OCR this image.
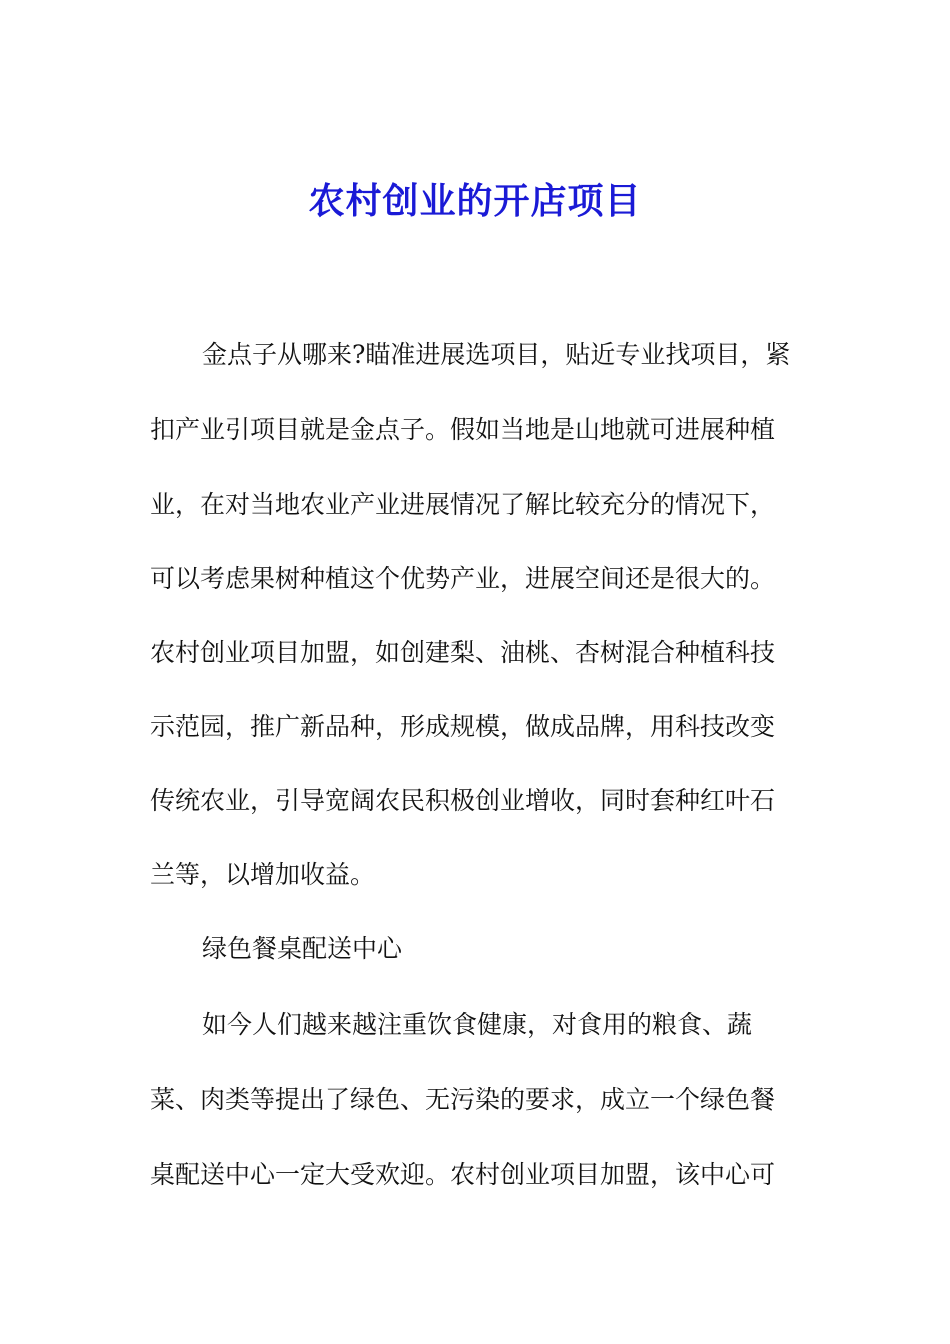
农村创业的开店项目
金点子从哪来?瞄准进展选项目，贴近专业找项目，紧
扣产业引项目就是金点子。假如当地是山地就可进展种植
业，在对当地农业产业进展情况了解比较充分的情况下，
可以考虑果树种植这个优势产业，进展空间还是很大的。
农村创业项目加盟，如创建梨、油桃、杏树混合种植科技
示范园，推广新品种，形成规模，做成品牌，用科技改变
传统农业，引导宽阔农民积极创业增收，同时套种红叶石
兰等，以增加收益。
绿色餐桌配送中心
如今人们越来越注重饮食健康，对食用的粮食、蔬
菜、肉类等提出了绿色、无污染的要求，成立一个绿色餐
桌配送中心一定大受欢迎。农村创业项目加盟，该中心可
